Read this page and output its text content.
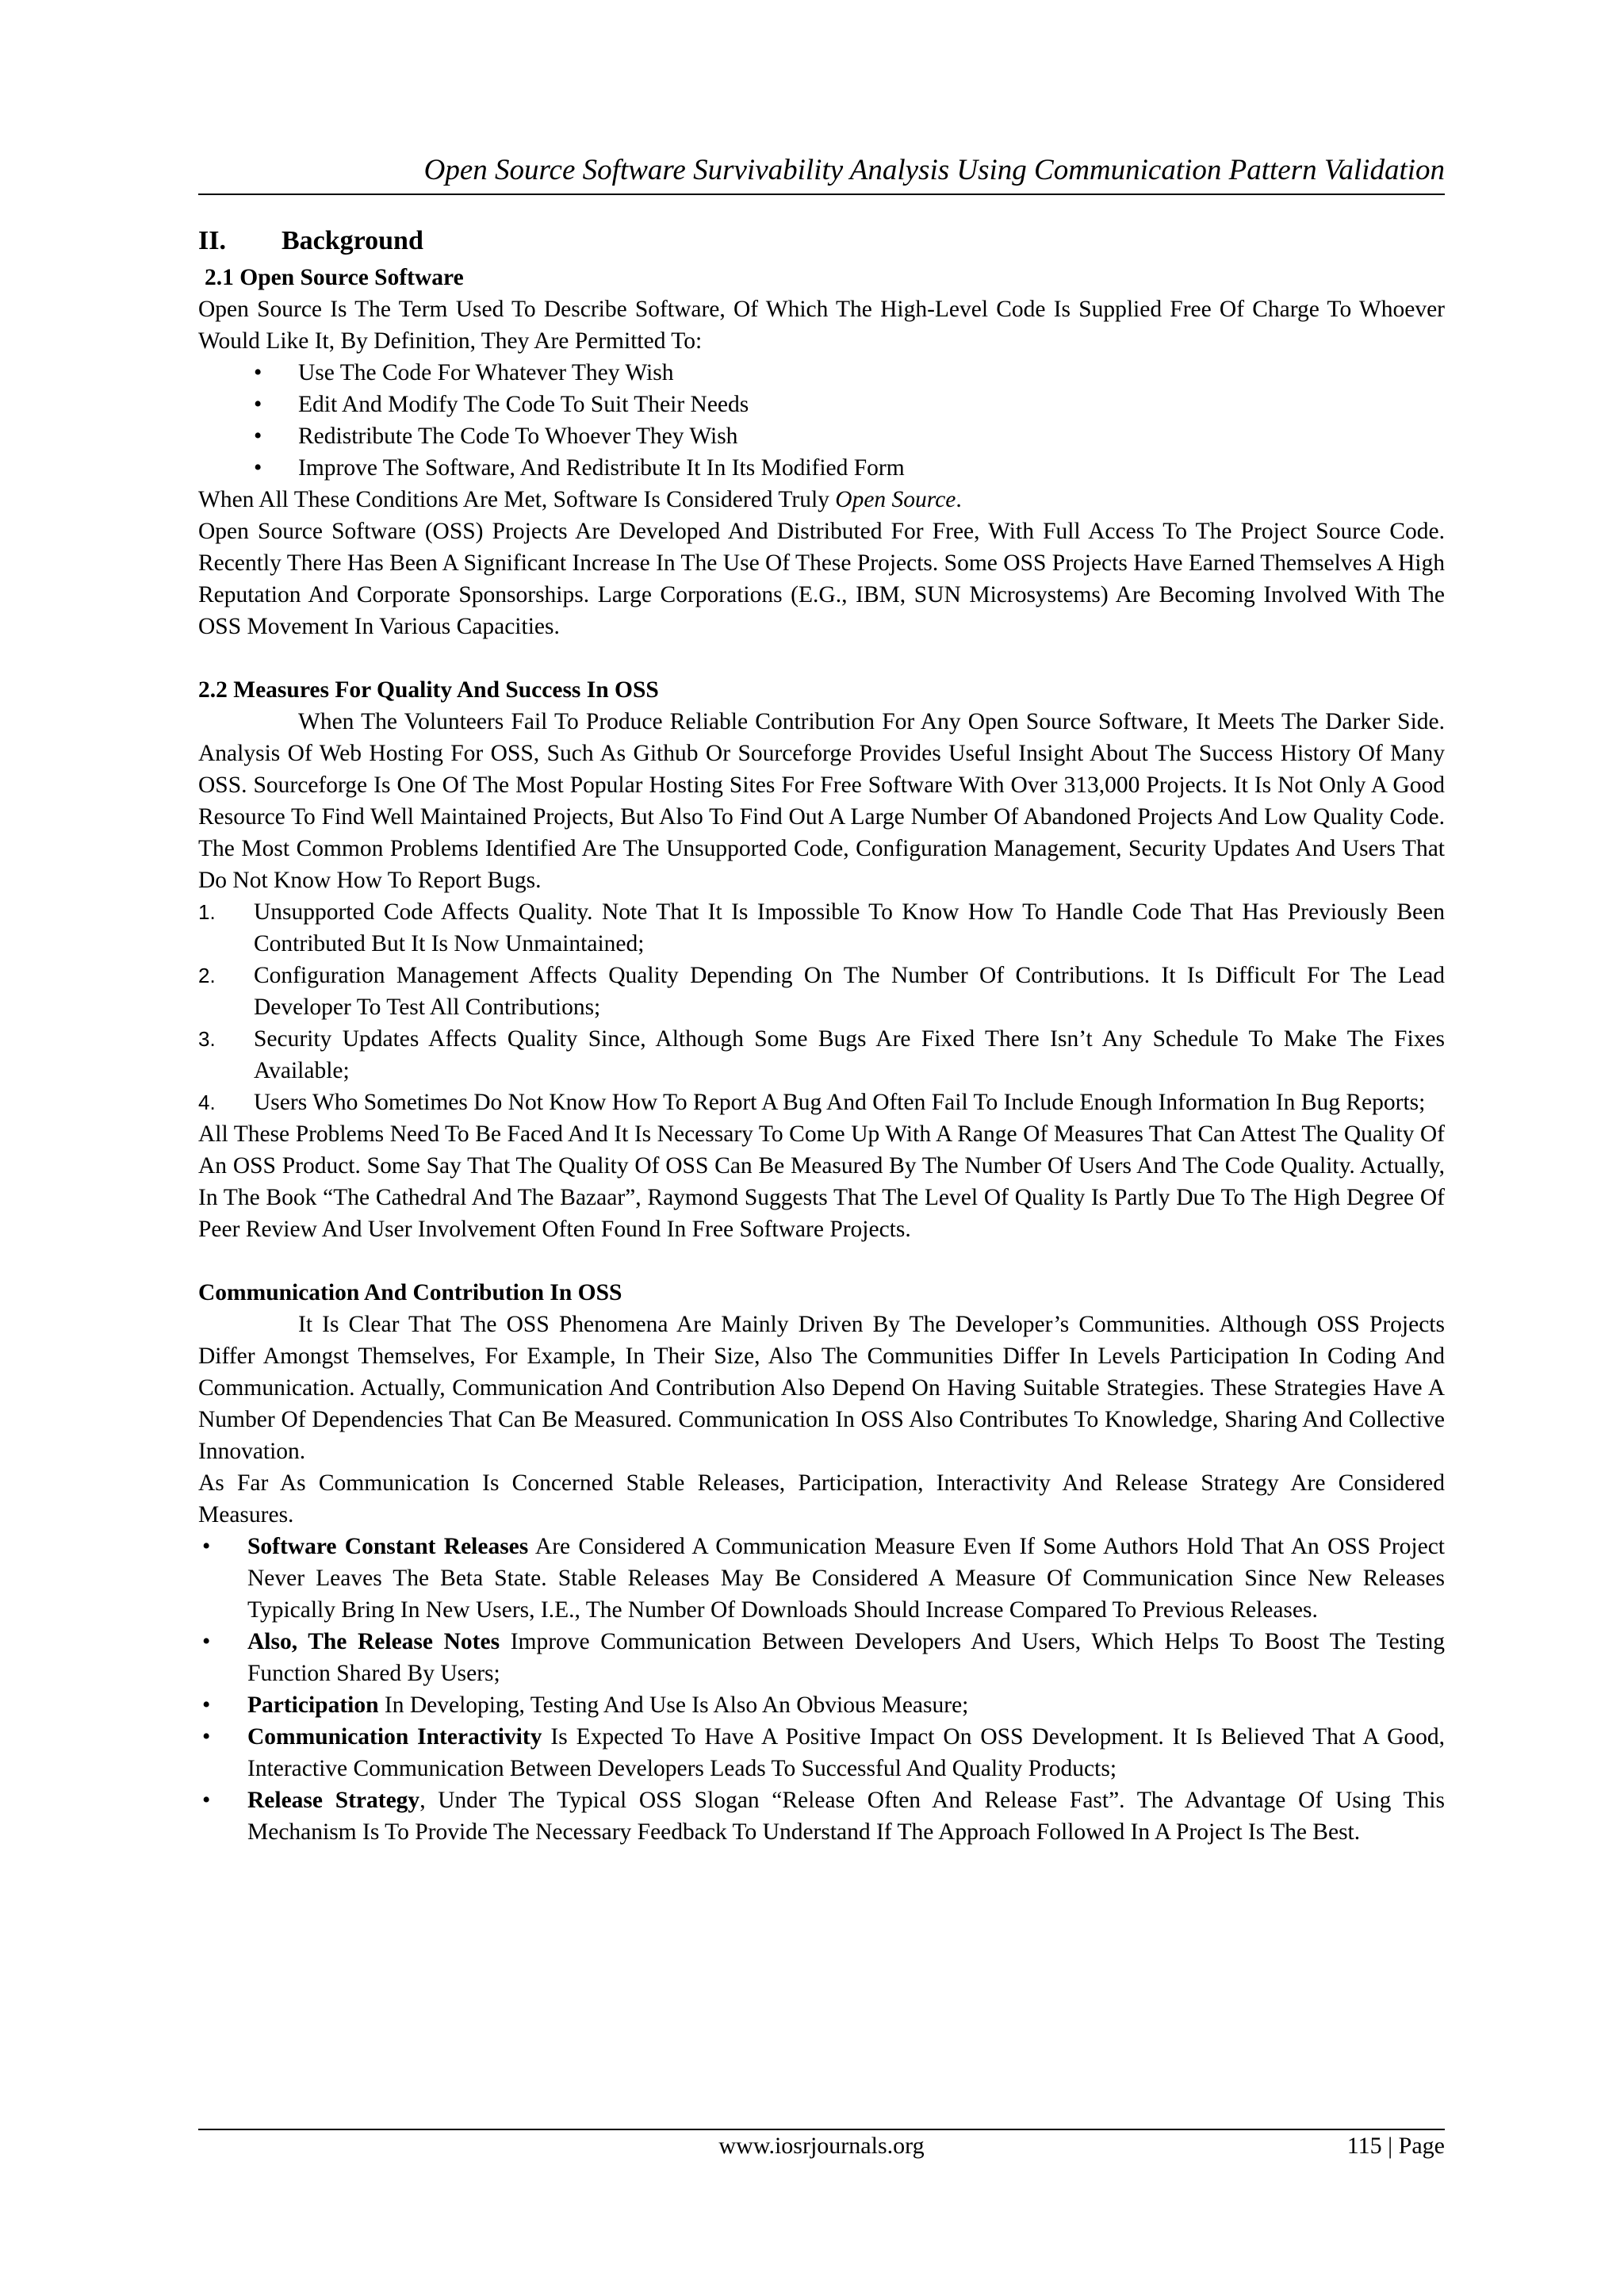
Open Source Software Survivability Analysis Using Communication Pattern Validation

II. Background

2.1 Open Source Software

Open Source Is The Term Used To Describe Software, Of Which The High-Level Code Is Supplied Free Of Charge To Whoever Would Like It, By Definition, They Are Permitted To:

• Use The Code For Whatever They Wish
• Edit And Modify The Code To Suit Their Needs
• Redistribute The Code To Whoever They Wish
• Improve The Software, And Redistribute It In Its Modified Form

When All These Conditions Are Met, Software Is Considered Truly Open Source.

Open Source Software (OSS) Projects Are Developed And Distributed For Free, With Full Access To The Project Source Code. Recently There Has Been A Significant Increase In The Use Of These Projects. Some OSS Projects Have Earned Themselves A High Reputation And Corporate Sponsorships. Large Corporations (E.G., IBM, SUN Microsystems) Are Becoming Involved With The OSS Movement In Various Capacities.

2.2 Measures For Quality And Success In OSS

When The Volunteers Fail To Produce Reliable Contribution For Any Open Source Software, It Meets The Darker Side. Analysis Of Web Hosting For OSS, Such As Github Or Sourceforge Provides Useful Insight About The Success History Of Many OSS. Sourceforge Is One Of The Most Popular Hosting Sites For Free Software With Over 313,000 Projects. It Is Not Only A Good Resource To Find Well Maintained Projects, But Also To Find Out A Large Number Of Abandoned Projects And Low Quality Code. The Most Common Problems Identified Are The Unsupported Code, Configuration Management, Security Updates And Users That Do Not Know How To Report Bugs.

1. Unsupported Code Affects Quality. Note That It Is Impossible To Know How To Handle Code That Has Previously Been Contributed But It Is Now Unmaintained;
2. Configuration Management Affects Quality Depending On The Number Of Contributions. It Is Difficult For The Lead Developer To Test All Contributions;
3. Security Updates Affects Quality Since, Although Some Bugs Are Fixed There Isn’t Any Schedule To Make The Fixes Available;
4. Users Who Sometimes Do Not Know How To Report A Bug And Often Fail To Include Enough Information In Bug Reports;

All These Problems Need To Be Faced And It Is Necessary To Come Up With A Range Of Measures That Can Attest The Quality Of An OSS Product. Some Say That The Quality Of OSS Can Be Measured By The Number Of Users And The Code Quality. Actually, In The Book “The Cathedral And The Bazaar”, Raymond Suggests That The Level Of Quality Is Partly Due To The High Degree Of Peer Review And User Involvement Often Found In Free Software Projects.

Communication And Contribution In OSS

It Is Clear That The OSS Phenomena Are Mainly Driven By The Developer’s Communities. Although OSS Projects Differ Amongst Themselves, For Example, In Their Size, Also The Communities Differ In Levels Participation In Coding And Communication. Actually, Communication And Contribution Also Depend On Having Suitable Strategies. These Strategies Have A Number Of Dependencies That Can Be Measured. Communication In OSS Also Contributes To Knowledge, Sharing And Collective Innovation.

As Far As Communication Is Concerned Stable Releases, Participation, Interactivity And Release Strategy Are Considered Measures.

• Software Constant Releases Are Considered A Communication Measure Even If Some Authors Hold That An OSS Project Never Leaves The Beta State. Stable Releases May Be Considered A Measure Of Communication Since New Releases Typically Bring In New Users, I.E., The Number Of Downloads Should Increase Compared To Previous Releases.
• Also, The Release Notes Improve Communication Between Developers And Users, Which Helps To Boost The Testing Function Shared By Users;
• Participation In Developing, Testing And Use Is Also An Obvious Measure;
• Communication Interactivity Is Expected To Have A Positive Impact On OSS Development. It Is Believed That A Good, Interactive Communication Between Developers Leads To Successful And Quality Products;
• Release Strategy, Under The Typical OSS Slogan “Release Often And Release Fast”. The Advantage Of Using This Mechanism Is To Provide The Necessary Feedback To Understand If The Approach Followed In A Project Is The Best.
www.iosrjournals.org	115 | Page
